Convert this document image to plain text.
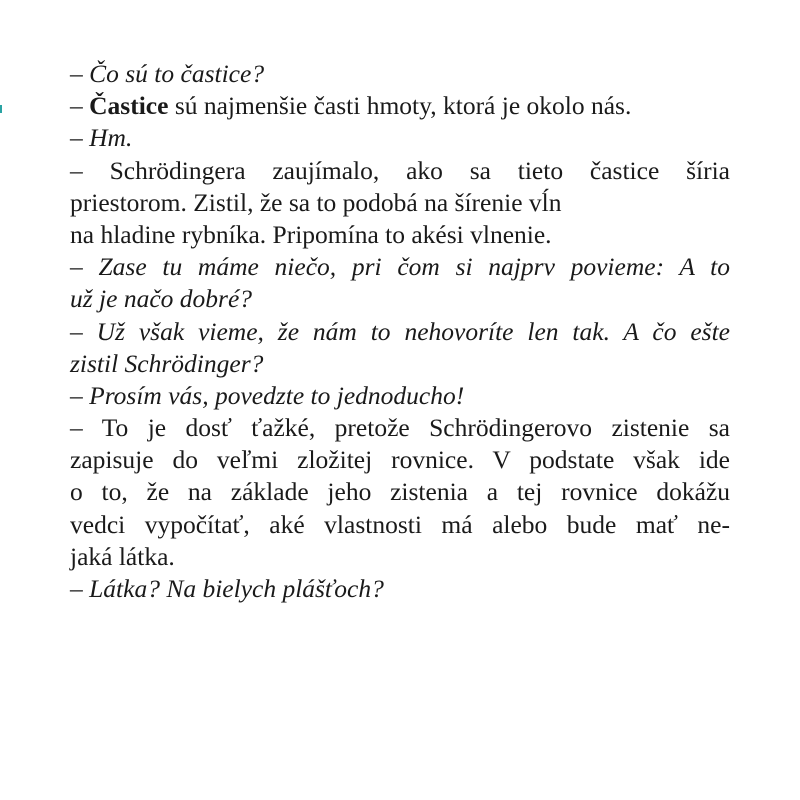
– Čo sú to častice?
– Častice sú najmenšie časti hmoty, ktorá je okolo nás.
– Hm.
– Schrödingera zaujímalo, ako sa tieto častice šíria
priestorom. Zistil, že sa to podobá na šírenie vĺn
na hladine rybníka. Pripomína to akési vlnenie.
– Zase tu máme niečo, pri čom si najprv povieme: A to
už je načo dobré?
– Už však vieme, že nám to nehovoríte len tak. A čo ešte
zistil Schrödinger?
– Prosím vás, povedzte to jednoducho!
– To je dosť ťažké, pretože Schrödingerovo zistenie sa
zapisuje do veľmi zložitej rovnice. V podstate však ide
o to, že na základe jeho zistenia a tej rovnice dokážu
vedci vypočítať, aké vlastnosti má alebo bude mať ne-
jaká látka.
– Látka? Na bielych plášťoch?
